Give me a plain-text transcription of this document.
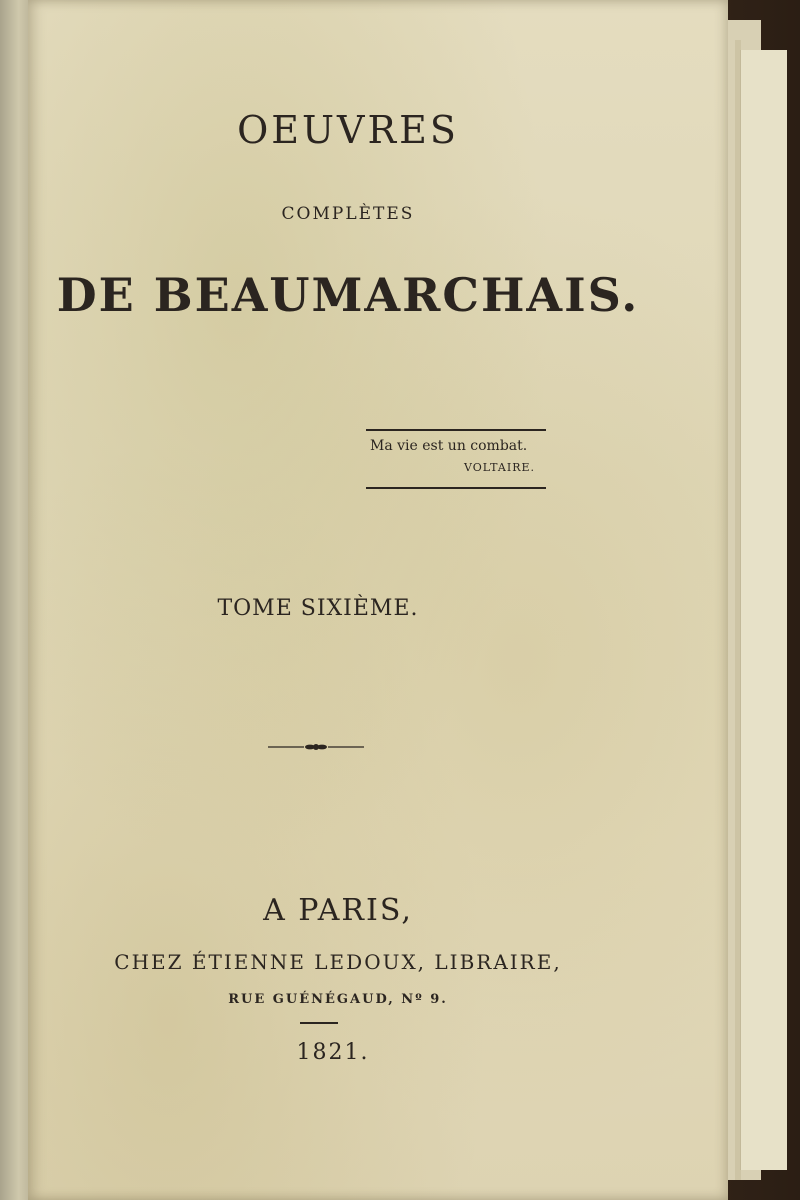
OEUVRES

COMPLÈTES

DE BEAUMARCHAIS.

Ma vie est un combat.

VOLTAIRE.

TOME SIXIÈME.

A PARIS,

CHEZ ÉTIENNE LEDOUX, LIBRAIRE,

RUE GUÉNÉGAUD, Nº 9.

1821.
